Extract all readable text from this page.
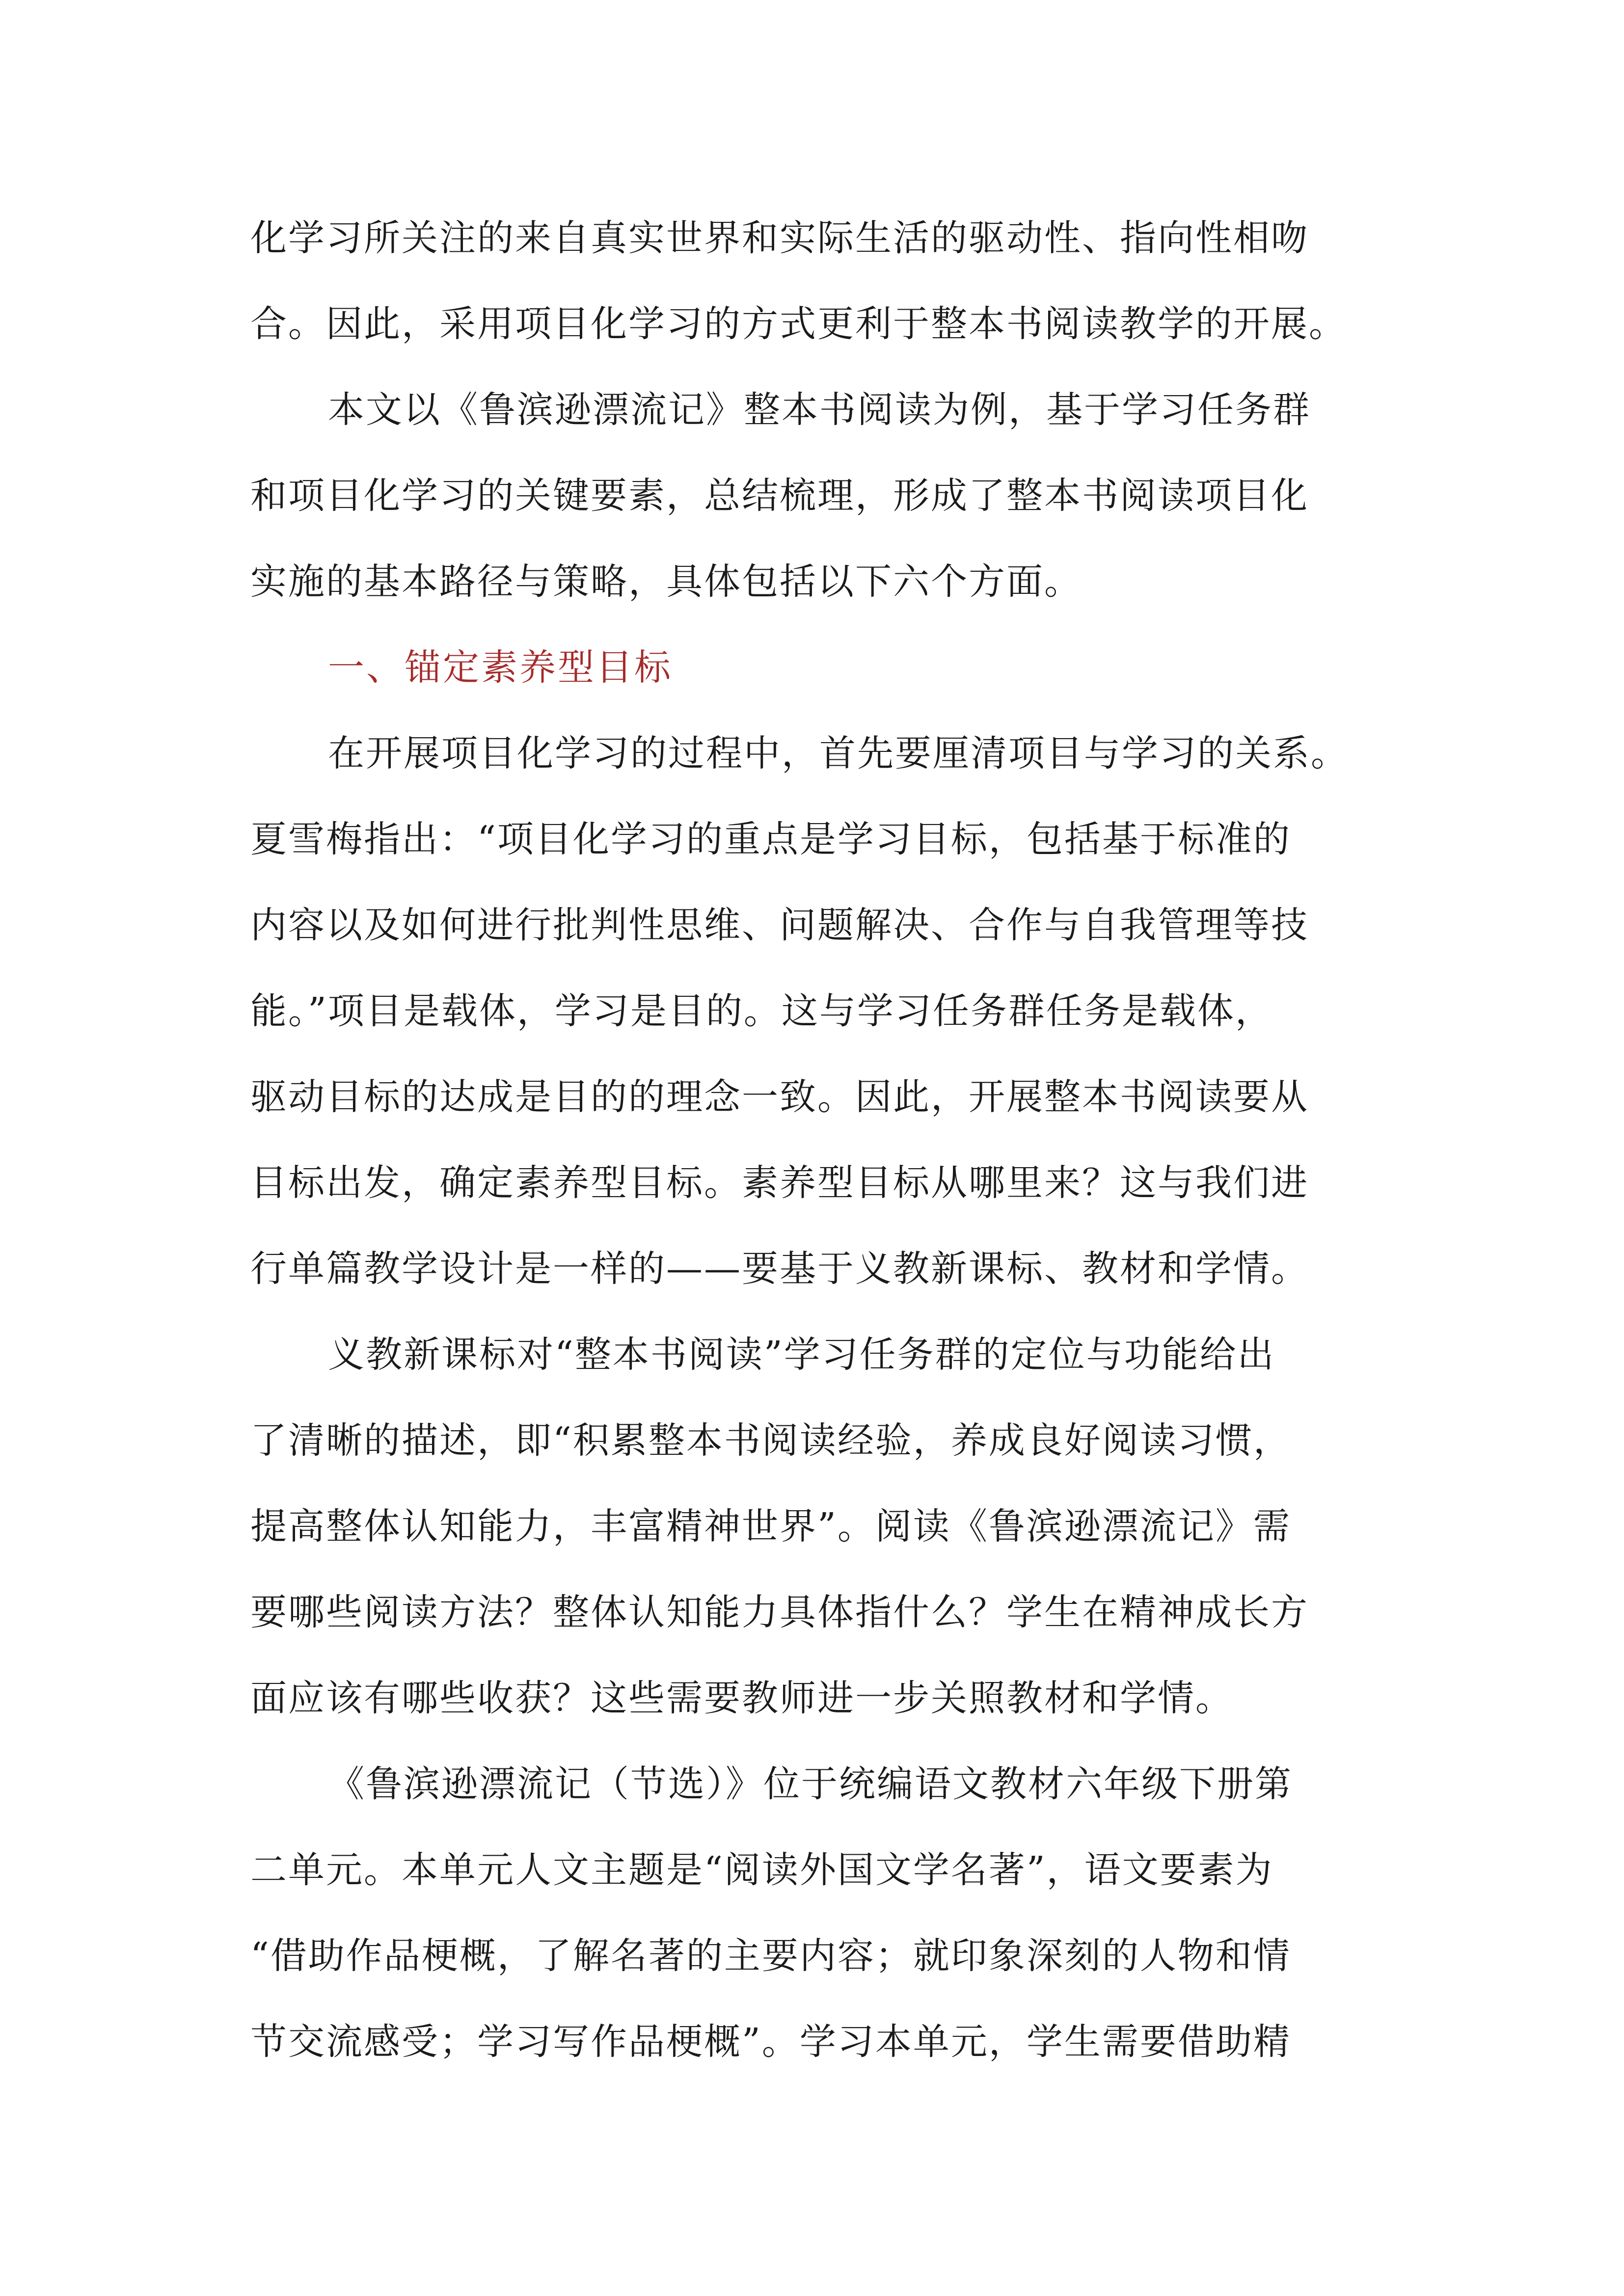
化学习所关注的来自真实世界和实际生活的驱动性、指向性相吻
合。因此，采用项目化学习的方式更利于整本书阅读教学的开展。
本文以《鲁滨逊漂流记》整本书阅读为例，基于学习任务群
和项目化学习的关键要素，总结梳理，形成了整本书阅读项目化
实施的基本路径与策略，具体包括以下六个方面。
一、锚定素养型目标
在开展项目化学习的过程中，首先要厘清项目与学习的关系。
夏雪梅指出：“项目化学习的重点是学习目标，包括基于标准的
内容以及如何进行批判性思维、问题解决、合作与自我管理等技
能。”项目是载体，学习是目的。这与学习任务群任务是载体，
驱动目标的达成是目的的理念一致。因此，开展整本书阅读要从
目标出发，确定素养型目标。素养型目标从哪里来？这与我们进
行单篇教学设计是一样的——要基于义教新课标、教材和学情。
义教新课标对“整本书阅读”学习任务群的定位与功能给出
了清晰的描述，即“积累整本书阅读经验，养成良好阅读习惯，
提高整体认知能力，丰富精神世界”。阅读《鲁滨逊漂流记》需
要哪些阅读方法？整体认知能力具体指什么？学生在精神成长方
面应该有哪些收获？这些需要教师进一步关照教材和学情。
《鲁滨逊漂流记（节选）》位于统编语文教材六年级下册第
二单元。本单元人文主题是“阅读外国文学名著”，语文要素为
“借助作品梗概，了解名著的主要内容；就印象深刻的人物和情
节交流感受；学习写作品梗概”。学习本单元，学生需要借助精
